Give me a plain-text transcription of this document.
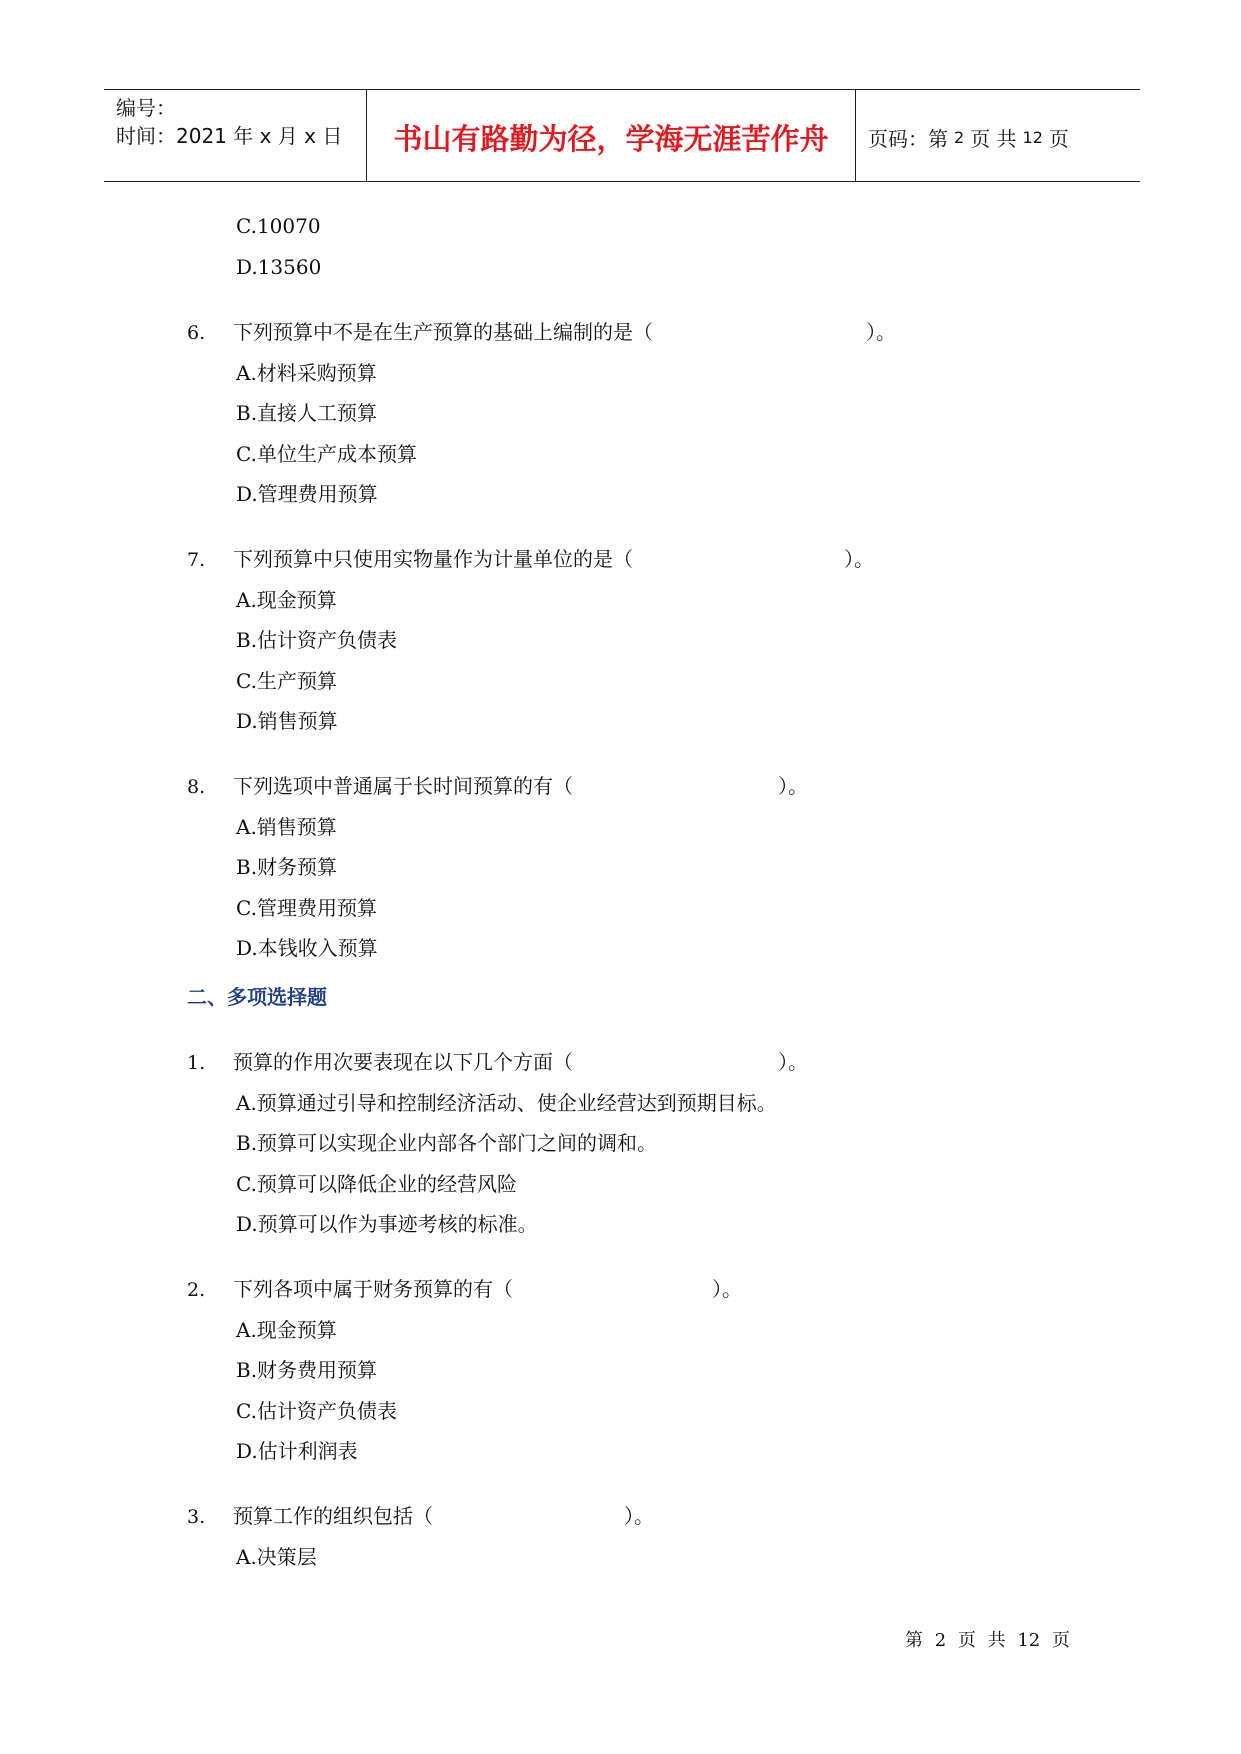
编号：
时间：2021 年 x 月 x 日	书山有路勤为径，学海无涯苦作舟	页码：第 2 页 共 12 页
C.10070
D.13560
6. 下列预算中不是在生产预算的基础上编制的是（	）。
A.材料采购预算
B.直接人工预算
C.单位生产成本预算
D.管理费用预算
7. 下列预算中只使用实物量作为计量单位的是（	）。
A.现金预算
B.估计资产负债表
C.生产预算
D.销售预算
8. 下列选项中普通属于长时间预算的有（	）。
A.销售预算
B.财务预算
C.管理费用预算
D.本钱收入预算
二、多项选择题
1. 预算的作用次要表现在以下几个方面（	）。
A.预算通过引导和控制经济活动、使企业经营达到预期目标。
B.预算可以实现企业内部各个部门之间的调和。
C.预算可以降低企业的经营风险
D.预算可以作为事迹考核的标准。
2. 下列各项中属于财务预算的有（	）。
A.现金预算
B.财务费用预算
C.估计资产负债表
D.估计利润表
3. 预算工作的组织包括（	）。
A.决策层
第 2 页 共 12 页
